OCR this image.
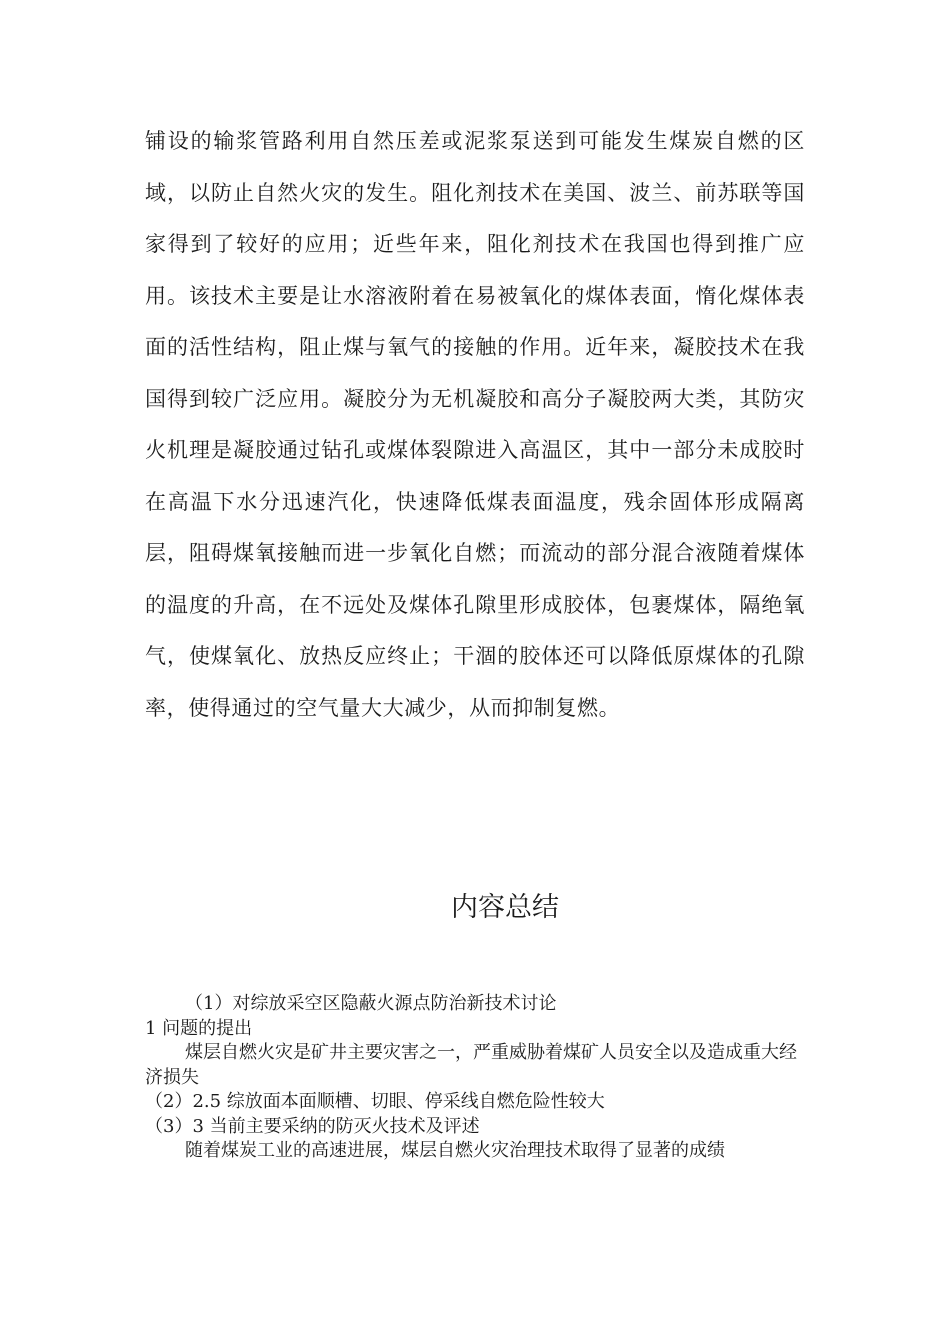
铺设的输浆管路利用自然压差或泥浆泵送到可能发生煤炭自燃的区域，以防止自然火灾的发生。阻化剂技术在美国、波兰、前苏联等国家得到了较好的应用；近些年来，阻化剂技术在我国也得到推广应用。该技术主要是让水溶液附着在易被氧化的煤体表面，惰化煤体表面的活性结构，阻止煤与氧气的接触的作用。近年来，凝胶技术在我国得到较广泛应用。凝胶分为无机凝胶和高分子凝胶两大类，其防灾火机理是凝胶通过钻孔或煤体裂隙进入高温区，其中一部分未成胶时在高温下水分迅速汽化，快速降低煤表面温度，残余固体形成隔离层，阻碍煤氧接触而进一步氧化自燃；而流动的部分混合液随着煤体的温度的升高，在不远处及煤体孔隙里形成胶体，包裹煤体，隔绝氧气，使煤氧化、放热反应终止；干涸的胶体还可以降低原煤体的孔隙率，使得通过的空气量大大减少，从而抑制复燃。

内容总结

（1）对综放采空区隐蔽火源点防治新技术讨论

1 问题的提出

煤层自燃火灾是矿井主要灾害之一，严重威胁着煤矿人员安全以及造成重大经济损失

（2）2.5 综放面本面顺槽、切眼、停采线自燃危险性较大

（3）3 当前主要采纳的防灭火技术及评述

随着煤炭工业的高速进展，煤层自燃火灾治理技术取得了显著的成绩
